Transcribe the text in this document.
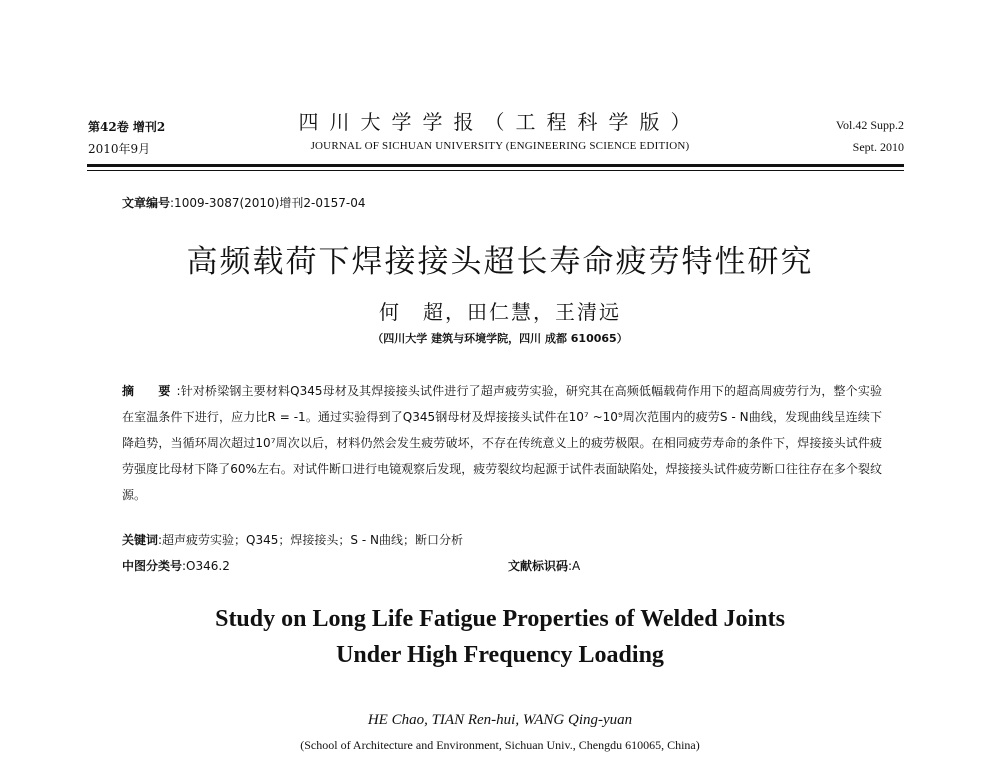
第42卷 增刊2
2010年9月
四川大学学报（工程科学版）
JOURNAL OF SICHUAN UNIVERSITY (ENGINEERING SCIENCE EDITION)
Vol.42 Supp.2
Sept. 2010
文章编号:1009-3087(2010)增刊2-0157-04
高频载荷下焊接接头超长寿命疲劳特性研究
何　超，田仁慧，王清远
（四川大学 建筑与环境学院，四川 成都 610065）
摘　要:针对桥梁钢主要材料Q345母材及其焊接接头试件进行了超声疲劳实验，研究其在高频低幅载荷作用下的超高周疲劳行为，整个实验在室温条件下进行，应力比R = -1。通过实验得到了Q345钢母材及焊接接头试件在10⁷ ~10⁹周次范围内的疲劳S - N曲线，发现曲线呈连续下降趋势，当循环周次超过10⁷周次以后，材料仍然会发生疲劳破坏，不存在传统意义上的疲劳极限。在相同疲劳寿命的条件下，焊接接头试件疲劳强度比母材下降了60%左右。对试件断口进行电镜观察后发现，疲劳裂纹均起源于试件表面缺陷处，焊接接头试件疲劳断口往往存在多个裂纹源。
关键词:超声疲劳实验；Q345；焊接接头；S - N曲线；断口分析
中图分类号:O346.2	文献标识码:A
Study on Long Life Fatigue Properties of Welded Joints
Under High Frequency Loading
HE Chao, TIAN Ren-hui, WANG Qing-yuan
(School of Architecture and Environment, Sichuan Univ., Chengdu 610065, China)
